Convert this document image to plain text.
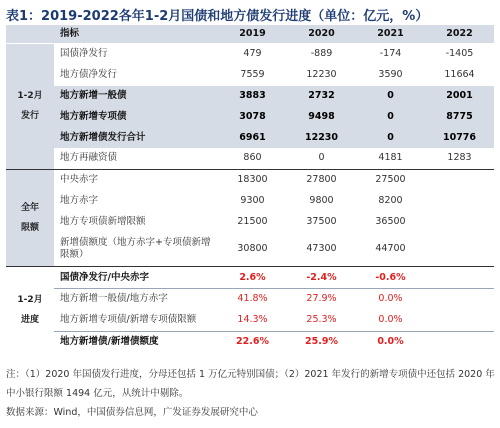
表1：2019-2022各年1-2月国债和地方债发行进度（单位：亿元，%）
	指标	2019	2020	2021	2022
1-2月发行	国债净发行	479	-889	-174	-1405
	地方债净发行	7559	12230	3590	11664
	地方新增一般债	3883	2732	0	2001
	地方新增专项债	3078	9498	0	8775
	地方新增债发行合计	6961	12230	0	10776
	地方再融资债	860	0	4181	1283
全年限额	中央赤字	18300	27800	27500	
	地方赤字	9300	9800	8200	
	地方专项债新增限额	21500	37500	36500	
	新增债额度（地方赤字+专项债新增限额）	30800	47300	44700	
1-2月进度	国债净发行/中央赤字	2.6%	-2.4%	-0.6%	
	地方新增一般债/地方赤字	41.8%	27.9%	0.0%	
	地方新增专项债/新增专项债限额	14.3%	25.3%	0.0%	
	地方新增债/新增债额度	22.6%	25.9%	0.0%	
注：（1）2020 年国债发行进度，分母还包括 1 万亿元特别国债；（2）2021 年发行的新增专项债中还包括 2020 年中小银行限额 1494 亿元，从统计中剔除。
数据来源：Wind，中国债券信息网，广发证券发展研究中心
